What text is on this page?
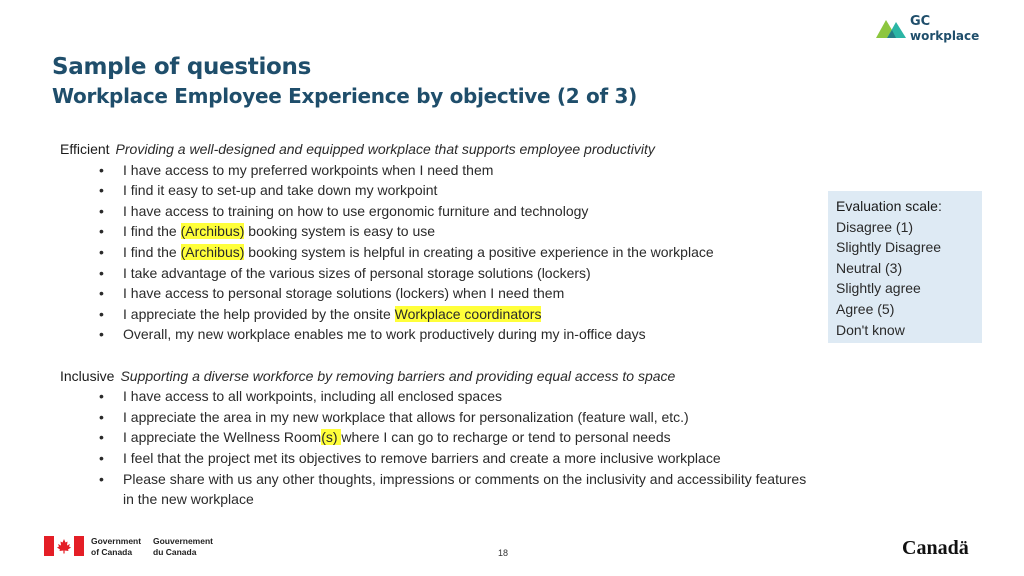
Sample of questions
Workplace Employee Experience by objective (2 of 3)
GC
workplace
Efficient Providing a well-designed and equipped workplace that supports employee productivity
• I have access to my preferred workpoints when I need them
• I find it easy to set-up and take down my workpoint
• I have access to training on how to use ergonomic furniture and technology
• I find the (Archibus) booking system is easy to use
• I find the (Archibus) booking system is helpful in creating a positive experience in the workplace
• I take advantage of the various sizes of personal storage solutions (lockers)
• I have access to personal storage solutions (lockers) when I need them
• I appreciate the help provided by the onsite Workplace coordinators
• Overall, my new workplace enables me to work productively during my in-office days
Inclusive Supporting a diverse workforce by removing barriers and providing equal access to space
• I have access to all workpoints, including all enclosed spaces
• I appreciate the area in my new workplace that allows for personalization (feature wall, etc.)
• I appreciate the Wellness Room(s) where I can go to recharge or tend to personal needs
• I feel that the project met its objectives to remove barriers and create a more inclusive workplace
• Please share with us any other thoughts, impressions or comments on the inclusivity and accessibility features in the new workplace
Evaluation scale:
Disagree (1)
Slightly Disagree
Neutral (3)
Slightly agree
Agree (5)
Don't know
Government
of Canada
Gouvernement
du Canada	18	Canadä
